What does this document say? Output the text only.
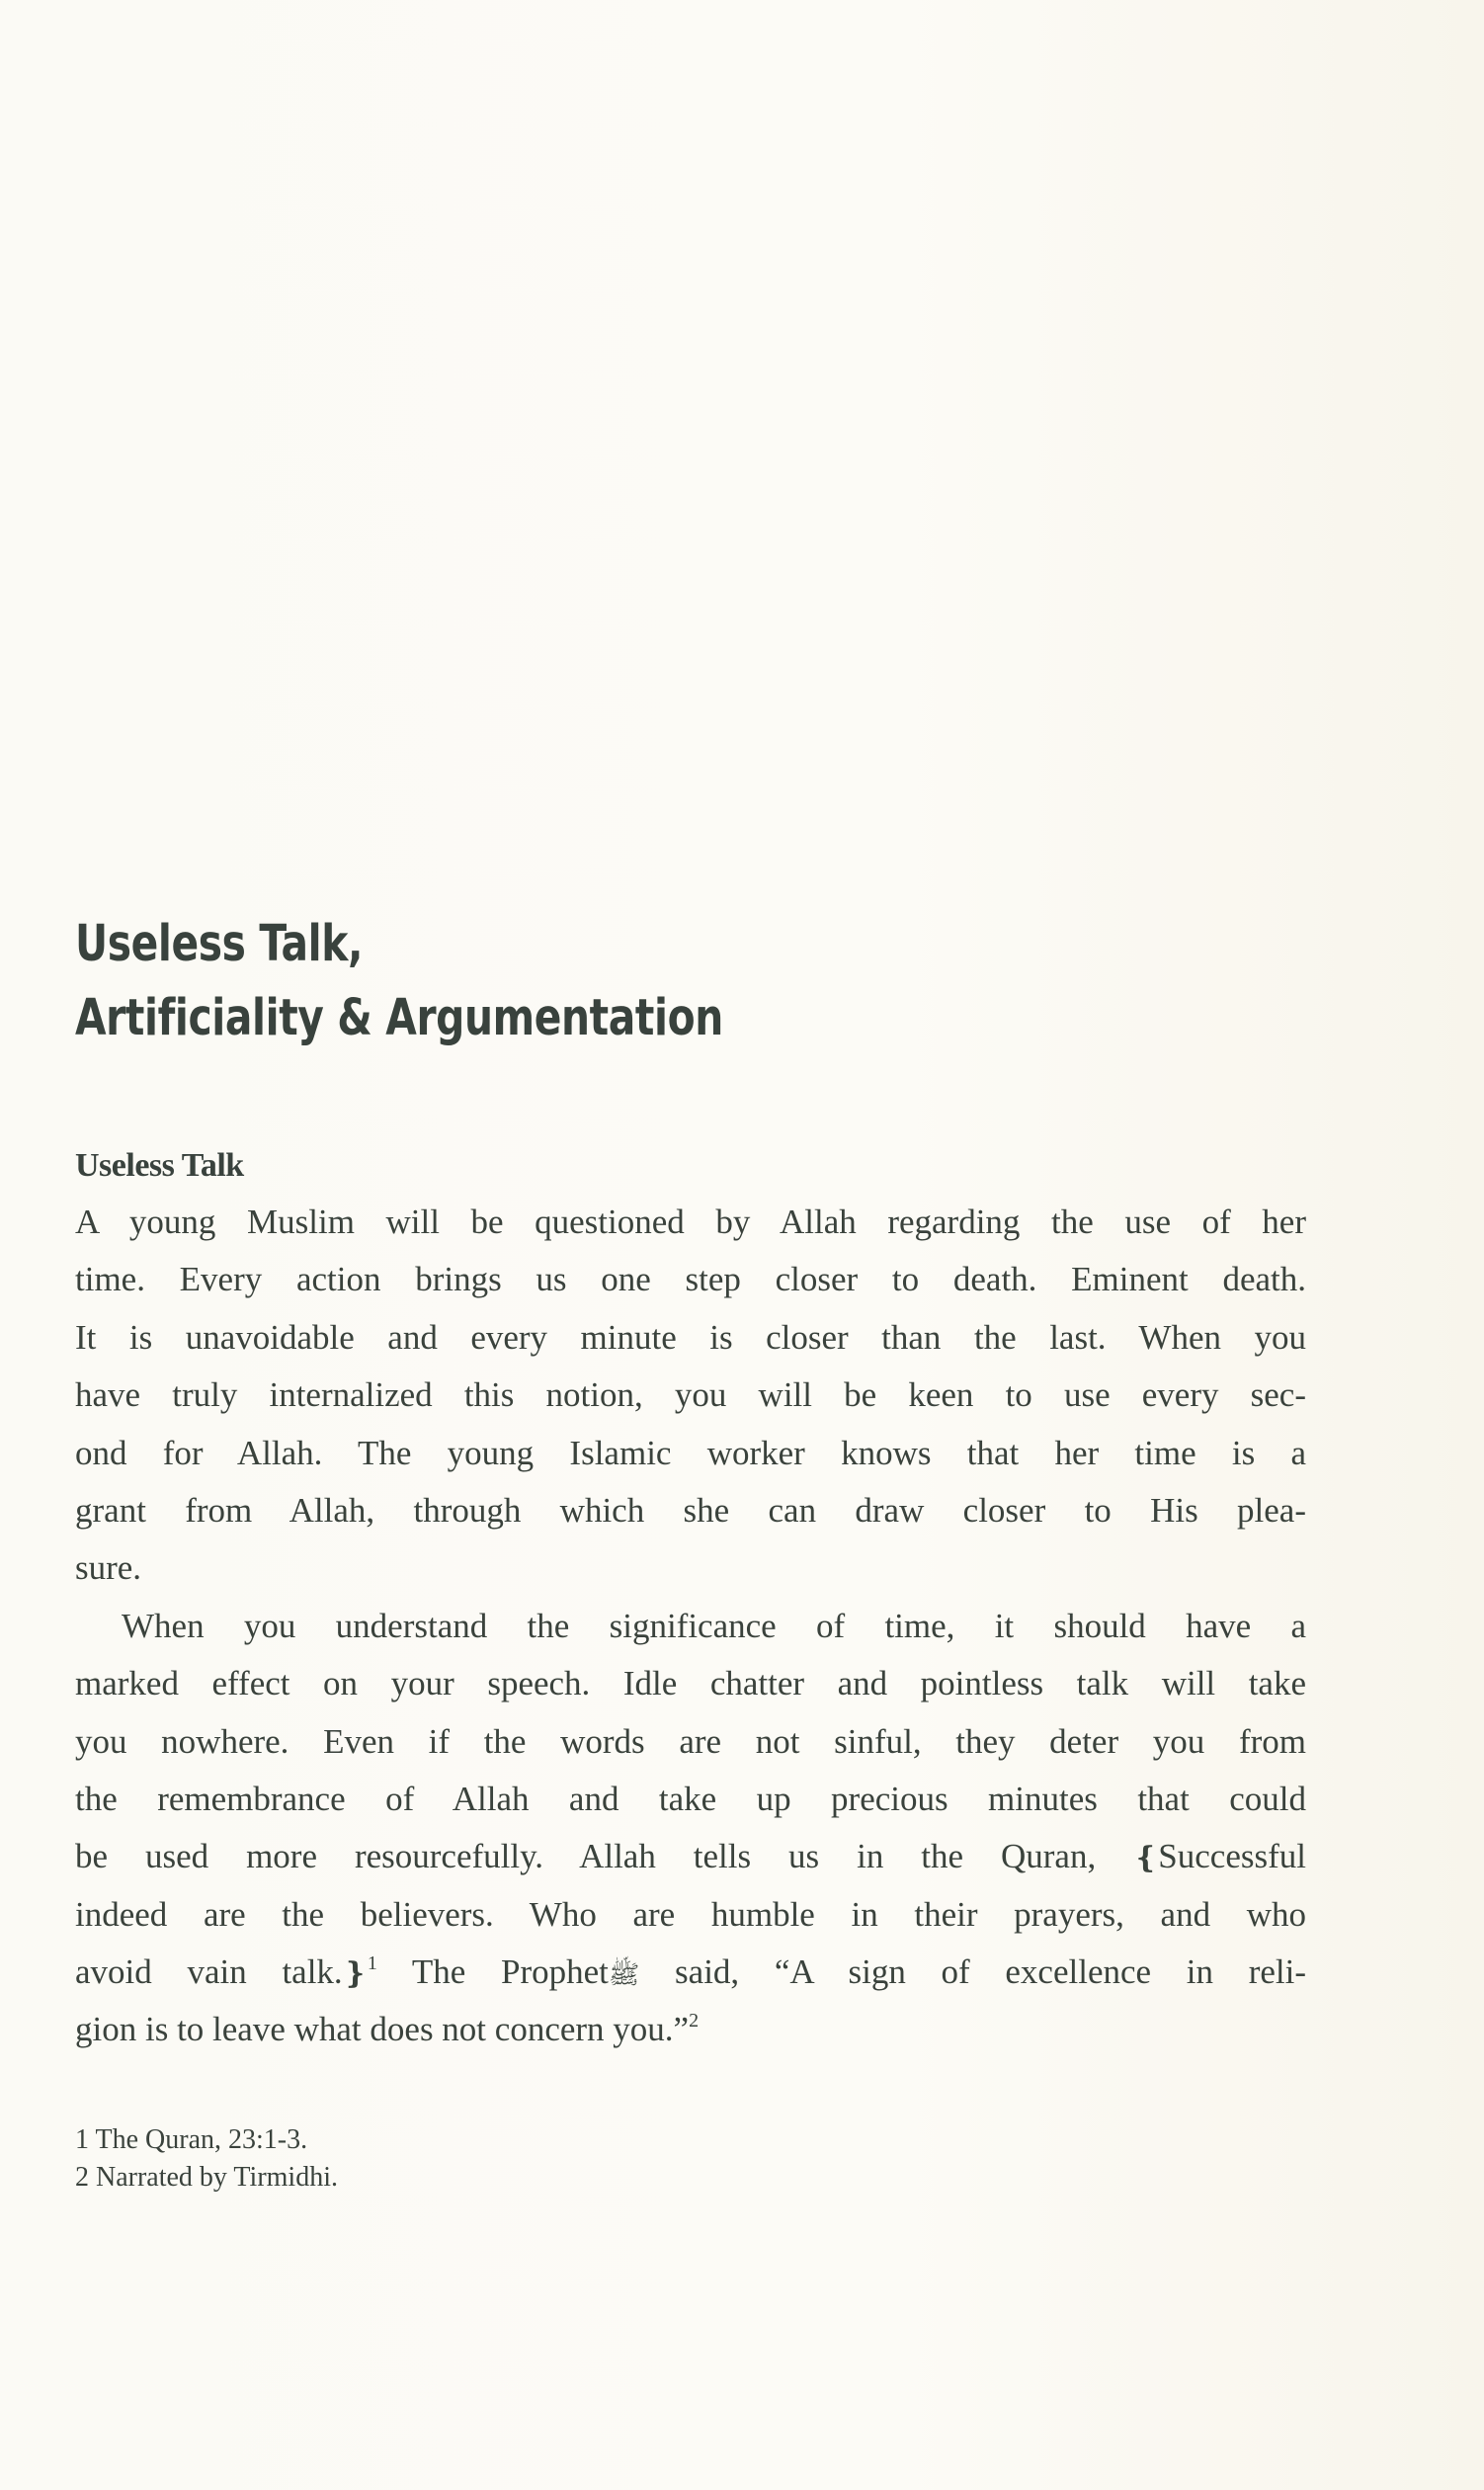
Useless Talk,
Artificiality & Argumentation
Useless Talk
A young Muslim will be questioned by Allah regarding the use of her
time. Every action brings us one step closer to death. Eminent death.
It is unavoidable and every minute is closer than the last. When you
have truly internalized this notion, you will be keen to use every sec-
ond for Allah. The young Islamic worker knows that her time is a
grant from Allah, through which she can draw closer to His plea-
sure.
When you understand the significance of time, it should have a
marked effect on your speech. Idle chatter and pointless talk will take
you nowhere. Even if the words are not sinful, they deter you from
the remembrance of Allah and take up precious minutes that could
be used more resourcefully. Allah tells us in the Quran, ❴Successful
indeed are the believers. Who are humble in their prayers, and who
avoid vain talk.❵$^1$ The Prophetﷺ said, “A sign of excellence in reli-
gion is to leave what does not concern you.”$^2$
1 The Quran, 23:1-3.
2 Narrated by Tirmidhi.
